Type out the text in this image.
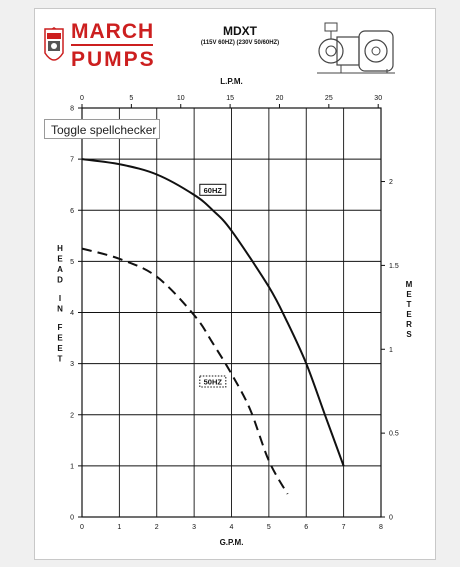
MARCH
PUMPS
MDXT
(115V 60HZ) (230V 50/60HZ)
0	1	2	3	4	5	6	7	8
0
1
2
3
4
5
6
7
8
0	5	10	15	20	25	30
0
0.5
1
1.5
2
G.P.M.
L.P.M.
H
E
A
D
I
N
F
E
E
T
M
E
T
E
R
S
60HZ
50HZ
Toggle spellchecker
